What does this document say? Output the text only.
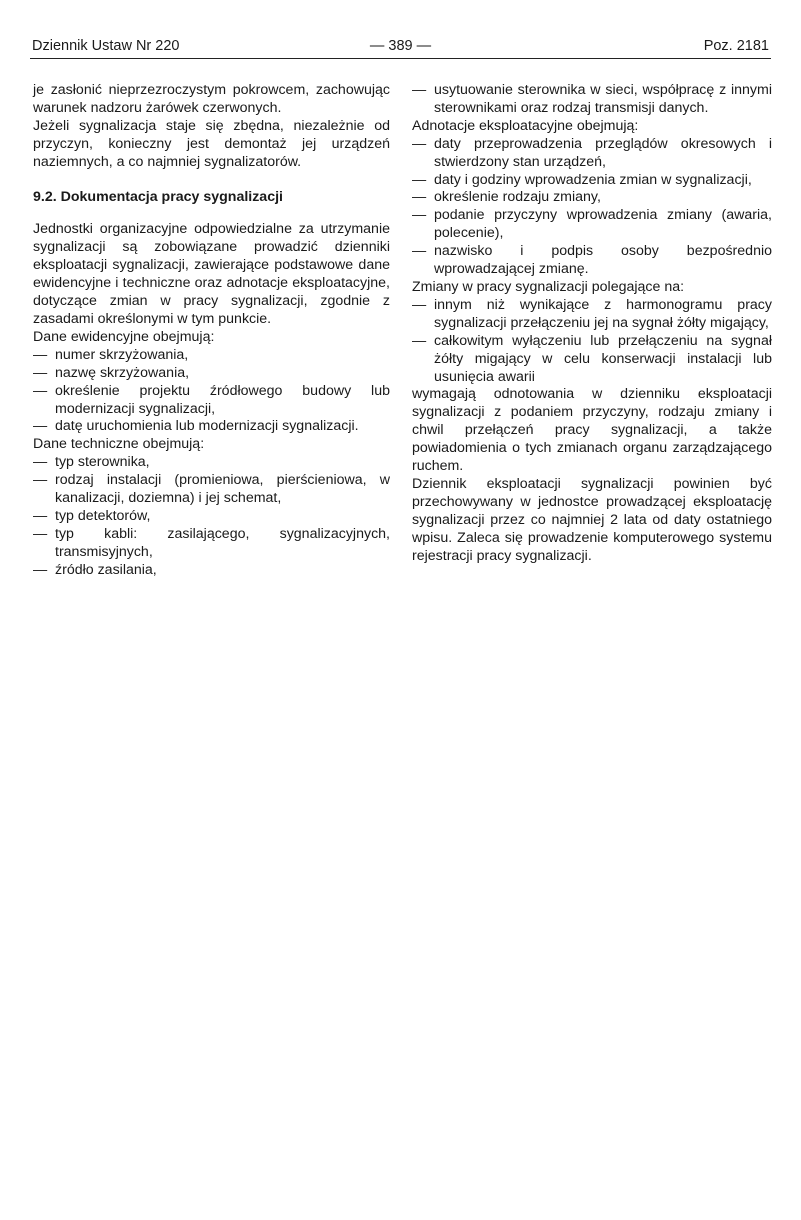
Dziennik Ustaw Nr 220	— 389 —	Poz. 2181

je zasłonić nieprzezroczystym pokrowcem, zachowując warunek nadzoru żarówek czerwonych.

Jeżeli sygnalizacja staje się zbędna, niezależnie od przyczyn, konieczny jest demontaż jej urządzeń naziemnych, a co najmniej sygnalizatorów.

9.2. Dokumentacja pracy sygnalizacji

Jednostki organizacyjne odpowiedzialne za utrzymanie sygnalizacji są zobowiązane prowadzić dzienniki eksploatacji sygnalizacji, zawierające podstawowe dane ewidencyjne i techniczne oraz adnotacje eksploatacyjne, dotyczące zmian w pracy sygnalizacji, zgodnie z zasadami określonymi w tym punkcie.

Dane ewidencyjne obejmują:

— numer skrzyżowania,

— nazwę skrzyżowania,

— określenie projektu źródłowego budowy lub modernizacji sygnalizacji,

— datę uruchomienia lub modernizacji sygnalizacji.

Dane techniczne obejmują:

— typ sterownika,

— rodzaj instalacji (promieniowa, pierścieniowa, w kanalizacji, doziemna) i jej schemat,

— typ detektorów,

— typ kabli: zasilającego, sygnalizacyjnych, transmisyjnych,

— źródło zasilania,

— usytuowanie sterownika w sieci, współpracę z innymi sterownikami oraz rodzaj transmisji danych.

Adnotacje eksploatacyjne obejmują:

— daty przeprowadzenia przeglądów okresowych i stwierdzony stan urządzeń,

— daty i godziny wprowadzenia zmian w sygnalizacji,

— określenie rodzaju zmiany,

— podanie przyczyny wprowadzenia zmiany (awaria, polecenie),

— nazwisko i podpis osoby bezpośrednio wprowadzającej zmianę.

Zmiany w pracy sygnalizacji polegające na:

— innym niż wynikające z harmonogramu pracy sygnalizacji przełączeniu jej na sygnał żółty migający,

— całkowitym wyłączeniu lub przełączeniu na sygnał żółty migający w celu konserwacji instalacji lub usunięcia awarii

wymagają odnotowania w dzienniku eksploatacji sygnalizacji z podaniem przyczyny, rodzaju zmiany i chwil przełączeń pracy sygnalizacji, a także powiadomienia o tych zmianach organu zarządzającego ruchem.

Dziennik eksploatacji sygnalizacji powinien być przechowywany w jednostce prowadzącej eksploatację sygnalizacji przez co najmniej 2 lata od daty ostatniego wpisu. Zaleca się prowadzenie komputerowego systemu rejestracji pracy sygnalizacji.
